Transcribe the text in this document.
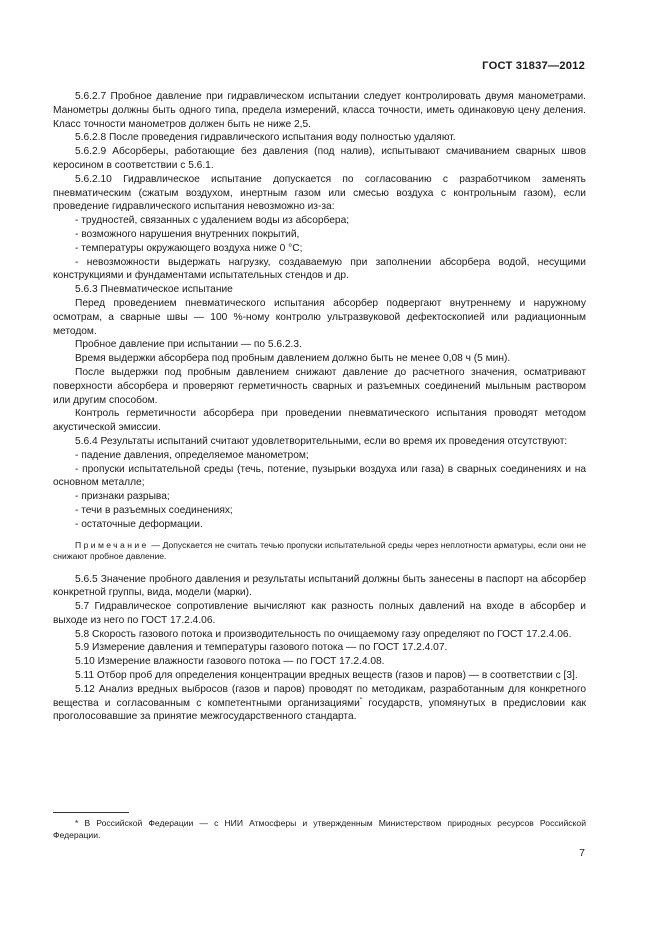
ГОСТ 31837—2012

5.6.2.7 Пробное давление при гидравлическом испытании следует контролировать двумя манометрами. Манометры должны быть одного типа, предела измерений, класса точности, иметь одинаковую цену деления. Класс точности манометров должен быть не ниже 2,5.

5.6.2.8 После проведения гидравлического испытания воду полностью удаляют.

5.6.2.9 Абсорберы, работающие без давления (под налив), испытывают смачиванием сварных швов керосином в соответствии с 5.6.1.

5.6.2.10 Гидравлическое испытание допускается по согласованию с разработчиком заменять пневматическим (сжатым воздухом, инертным газом или смесью воздуха с контрольным газом), если проведение гидравлического испытания невозможно из-за:

- трудностей, связанных с удалением воды из абсорбера;
- возможного нарушения внутренних покрытий,
- температуры окружающего воздуха ниже 0 °С;
- невозможности выдержать нагрузку, создаваемую при заполнении абсорбера водой, несущими конструкциями и фундаментами испытательных стендов и др.

5.6.3 Пневматическое испытание

Перед проведением пневматического испытания абсорбер подвергают внутреннему и наружному осмотрам, а сварные швы — 100 %-ному контролю ультразвуковой дефектоскопией или радиационным методом.

Пробное давление при испытании — по 5.6.2.3.

Время выдержки абсорбера под пробным давлением должно быть не менее 0,08 ч (5 мин).

После выдержки под пробным давлением снижают давление до расчетного значения, осматривают поверхности абсорбера и проверяют герметичность сварных и разъемных соединений мыльным раствором или другим способом.

Контроль герметичности абсорбера при проведении пневматического испытания проводят методом акустической эмиссии.

5.6.4 Результаты испытаний считают удовлетворительными, если во время их проведения отсутствуют:

- падение давления, определяемое манометром;
- пропуски испытательной среды (течь, потение, пузырьки воздуха или газа) в сварных соединениях и на основном металле;
- признаки разрыва;
- течи в разъемных соединениях;
- остаточные деформации.

Примечание — Допускается не считать течью пропуски испытательной среды через неплотности арматуры, если они не снижают пробное давление.

5.6.5 Значение пробного давления и результаты испытаний должны быть занесены в паспорт на абсорбер конкретной группы, вида, модели (марки).

5.7 Гидравлическое сопротивление вычисляют как разность полных давлений на входе в абсорбер и выходе из него по ГОСТ 17.2.4.06.

5.8 Скорость газового потока и производительность по очищаемому газу определяют по ГОСТ 17.2.4.06.

5.9 Измерение давления и температуры газового потока — по ГОСТ 17.2.4.07.

5.10 Измерение влажности газового потока — по ГОСТ 17.2.4.08.

5.11 Отбор проб для определения концентрации вредных веществ (газов и паров) — в соответствии с [3].

5.12 Анализ вредных выбросов (газов и паров) проводят по методикам, разработанным для конкретного вещества и согласованным с компетентными организациями* государств, упомянутых в предисловии как проголосовавшие за принятие межгосударственного стандарта.

* В Российской Федерации — с НИИ Атмосферы и утвержденным Министерством природных ресурсов Российской Федерации.
7
